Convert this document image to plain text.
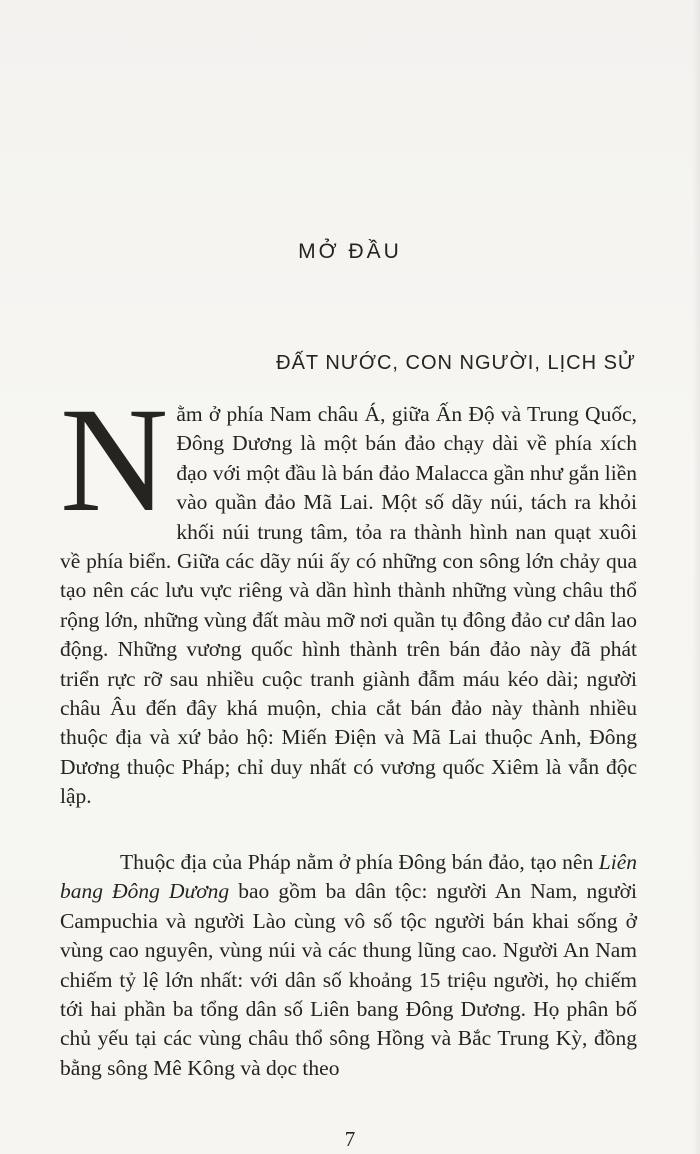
MỞ ĐẦU
ĐẤT NƯỚC, CON NGƯỜI, LỊCH SỬ
Nằm ở phía Nam châu Á, giữa Ấn Độ và Trung Quốc, Đông Dương là một bán đảo chạy dài về phía xích đạo với một đầu là bán đảo Malacca gần như gắn liền vào quần đảo Mã Lai. Một số dãy núi, tách ra khỏi khối núi trung tâm, tỏa ra thành hình nan quạt xuôi về phía biển. Giữa các dãy núi ấy có những con sông lớn chảy qua tạo nên các lưu vực riêng và dần hình thành những vùng châu thổ rộng lớn, những vùng đất màu mỡ nơi quần tụ đông đảo cư dân lao động. Những vương quốc hình thành trên bán đảo này đã phát triển rực rỡ sau nhiều cuộc tranh giành đẫm máu kéo dài; người châu Âu đến đây khá muộn, chia cắt bán đảo này thành nhiều thuộc địa và xứ bảo hộ: Miến Điện và Mã Lai thuộc Anh, Đông Dương thuộc Pháp; chỉ duy nhất có vương quốc Xiêm là vẫn độc lập.
Thuộc địa của Pháp nằm ở phía Đông bán đảo, tạo nên Liên bang Đông Dương bao gồm ba dân tộc: người An Nam, người Campuchia và người Lào cùng vô số tộc người bán khai sống ở vùng cao nguyên, vùng núi và các thung lũng cao. Người An Nam chiếm tỷ lệ lớn nhất: với dân số khoảng 15 triệu người, họ chiếm tới hai phần ba tổng dân số Liên bang Đông Dương. Họ phân bố chủ yếu tại các vùng châu thổ sông Hồng và Bắc Trung Kỳ, đồng bằng sông Mê Kông và dọc theo
7
